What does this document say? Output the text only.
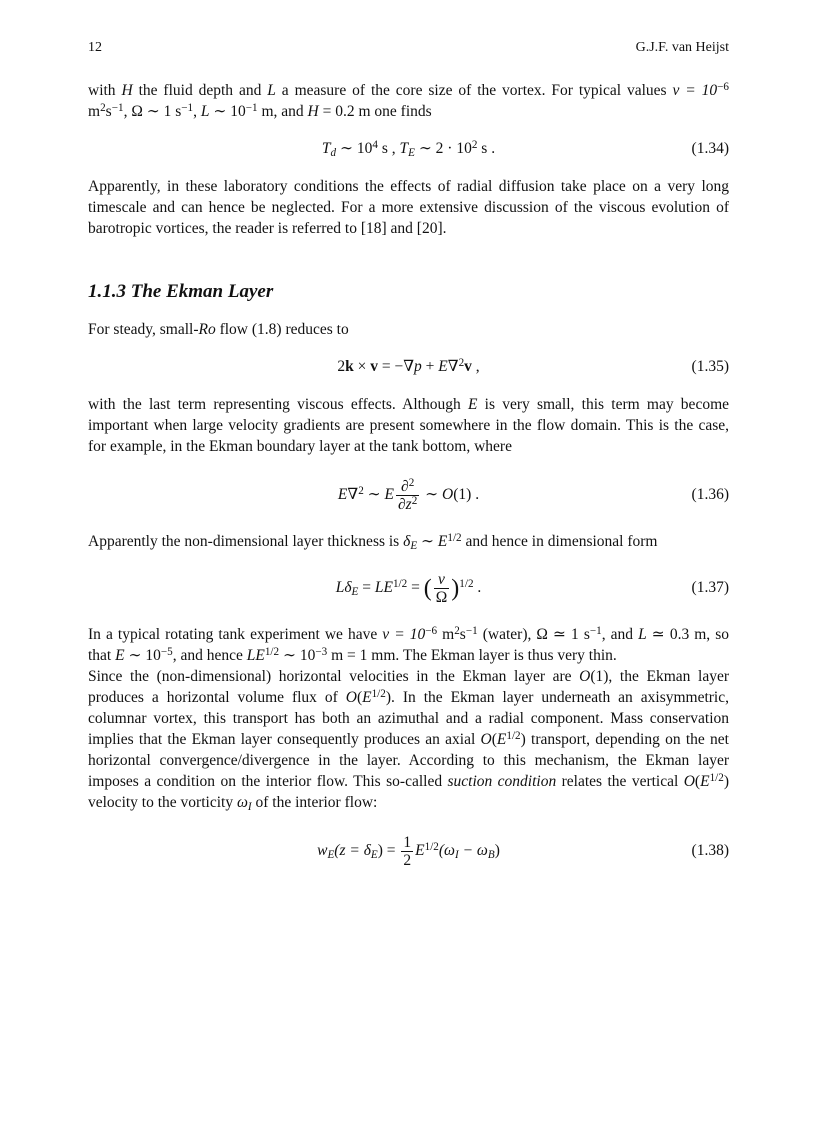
12	G.J.F. van Heijst

with H the fluid depth and L a measure of the core size of the vortex. For typical values $\nu = 10^{-6}$ $m^2s^{-1}$, Ω ∼ 1 $s^{-1}$, L ∼ $10^{-1}$ m, and H = 0.2 m one finds

$T_d$ ∼ $10^4$ s , $T_E$ ∼ $2 \cdot 10^2$ s .	(1.34)

Apparently, in these laboratory conditions the effects of radial diffusion take place on a very long timescale and can hence be neglected. For a more extensive discussion of the viscous evolution of barotropic vortices, the reader is referred to [18] and [20].

1.1.3 The Ekman Layer

For steady, small-Ro flow (1.8) reduces to

2k × v = −∇p + E∇$^2$v ,	(1.35)

with the last term representing viscous effects. Although E is very small, this term may become important when large velocity gradients are present somewhere in the flow domain. This is the case, for example, in the Ekman boundary layer at the tank bottom, where

E∇$^2$ ∼ E $\frac{\partial^2}{\partial z^2}$ ∼ O(1) .	(1.36)

Apparently the non-dimensional layer thickness is $\delta_E$ ∼ $E^{1/2}$ and hence in dimensional form

$L\delta_E = LE^{1/2}$ = ( $\frac{\nu}{\Omega} )^{1/2}$ .	(1.37)

In a typical rotating tank experiment we have $\nu = 10^{-6}$ $m^2s^{-1}$ (water), Ω ≃ 1 $s^{-1}$, and L ≃ 0.3 m, so that E ∼ $10^{-5}$, and hence $LE^{1/2}$ ∼ $10^{-3}$ m = 1 mm. The Ekman layer is thus very thin.

Since the (non-dimensional) horizontal velocities in the Ekman layer are O(1), the Ekman layer produces a horizontal volume flux of $O(E^{1/2})$. In the Ekman layer underneath an axisymmetric, columnar vortex, this transport has both an azimuthal and a radial component. Mass conservation implies that the Ekman layer consequently produces an axial $O(E^{1/2})$ transport, depending on the net horizontal convergence/divergence in the layer. According to this mechanism, the Ekman layer imposes a condition on the interior flow. This so-called suction condition relates the vertical $O(E^{1/2})$ velocity to the vorticity $\omega_I$ of the interior flow:

$w_E(z = \delta_E) = \frac{1}{2} E^{1/2}(\omega_I - \omega_B)$	(1.38)
